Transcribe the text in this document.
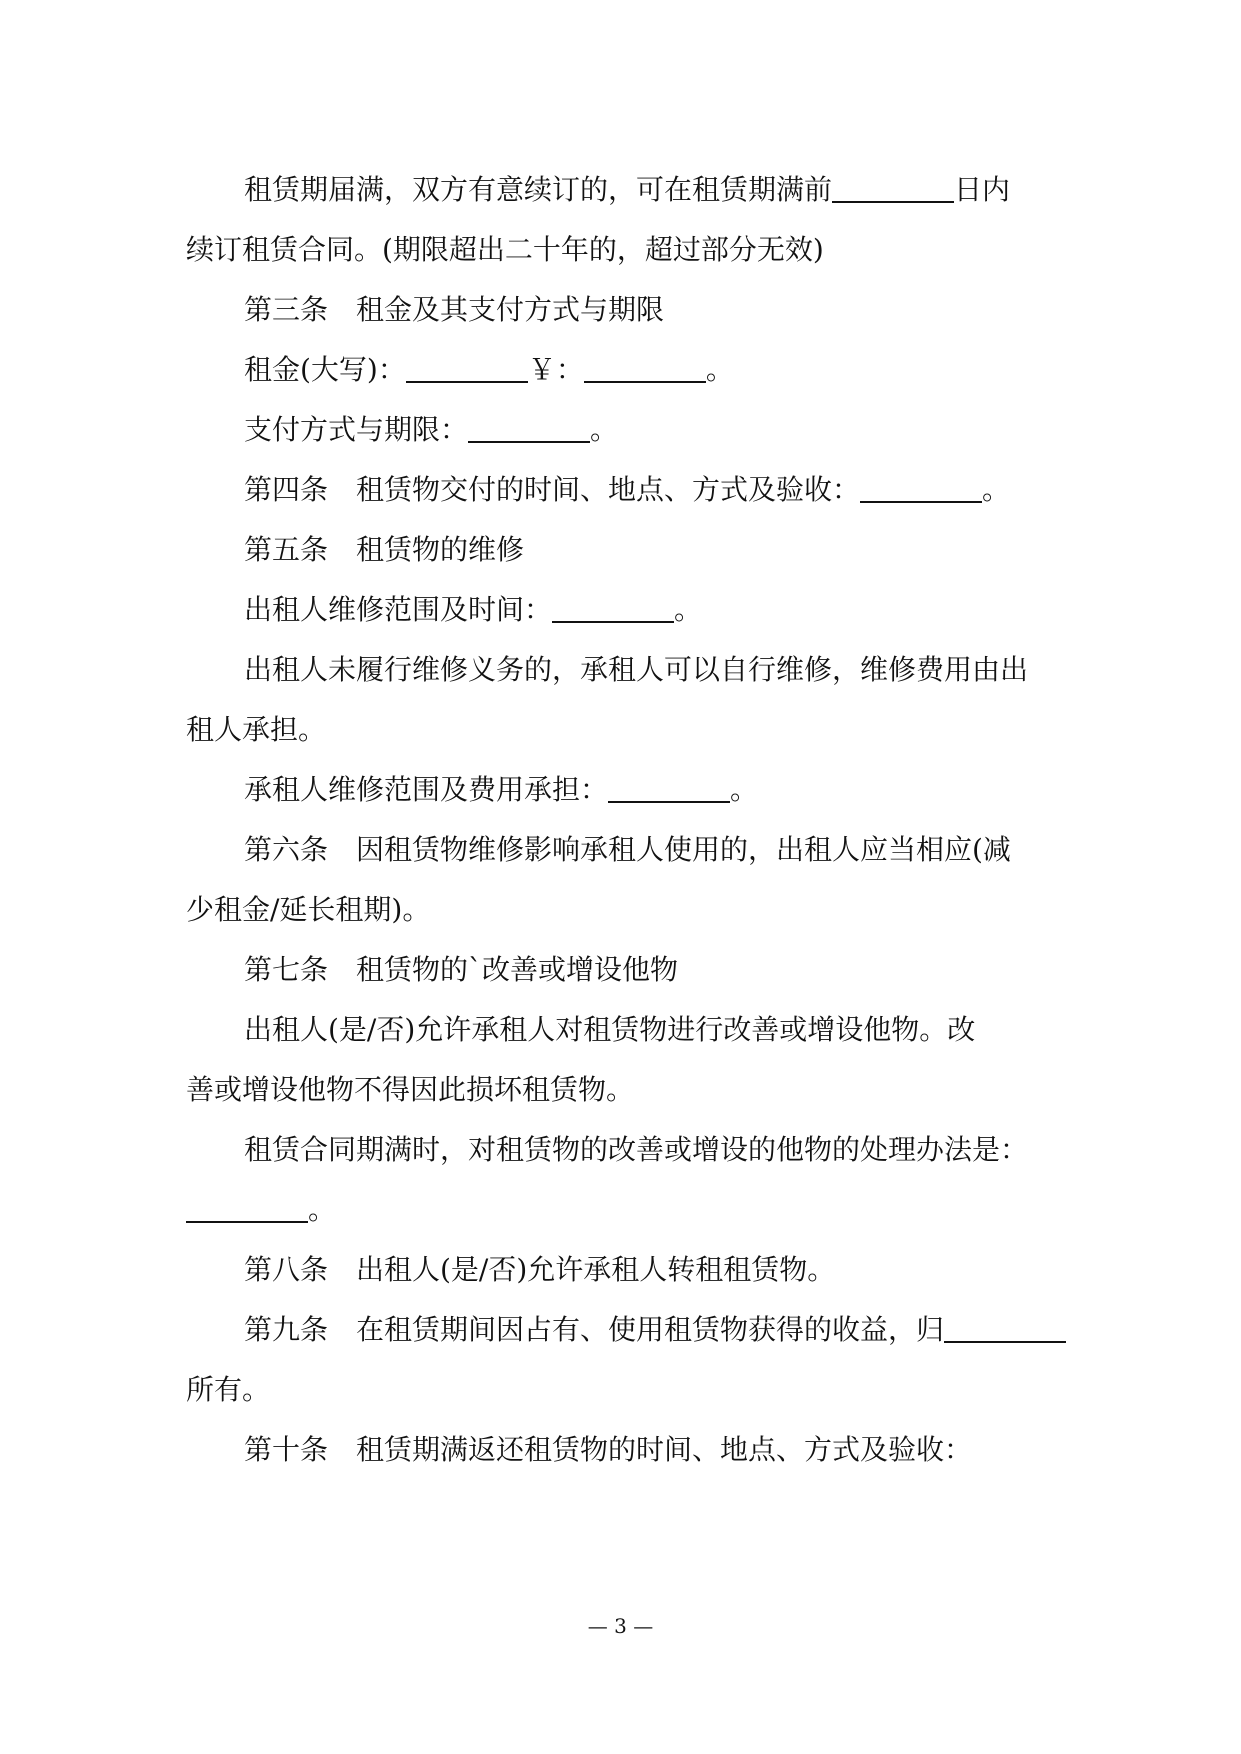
租赁期届满，双方有意续订的，可在租赁期满前	日内
续订租赁合同。(期限超出二十年的，超过部分无效)
第三条　租金及其支付方式与期限
租金(大写)：	￥：	。
支付方式与期限：	。
第四条　租赁物交付的时间、地点、方式及验收：	。
第五条　租赁物的维修
出租人维修范围及时间：	。
出租人未履行维修义务的，承租人可以自行维修，维修费用由出
租人承担。
承租人维修范围及费用承担：	。
第六条　因租赁物维修影响承租人使用的，出租人应当相应(减
少租金/延长租期)。
第七条　租赁物的`改善或增设他物
出租人(是/否)允许承租人对租赁物进行改善或增设他物。改
善或增设他物不得因此损坏租赁物。
租赁合同期满时，对租赁物的改善或增设的他物的处理办法是：
。
第八条　出租人(是/否)允许承租人转租租赁物。
第九条　在租赁期间因占有、使用租赁物获得的收益，归
所有。
第十条　租赁期满返还租赁物的时间、地点、方式及验收：
— 3 —
